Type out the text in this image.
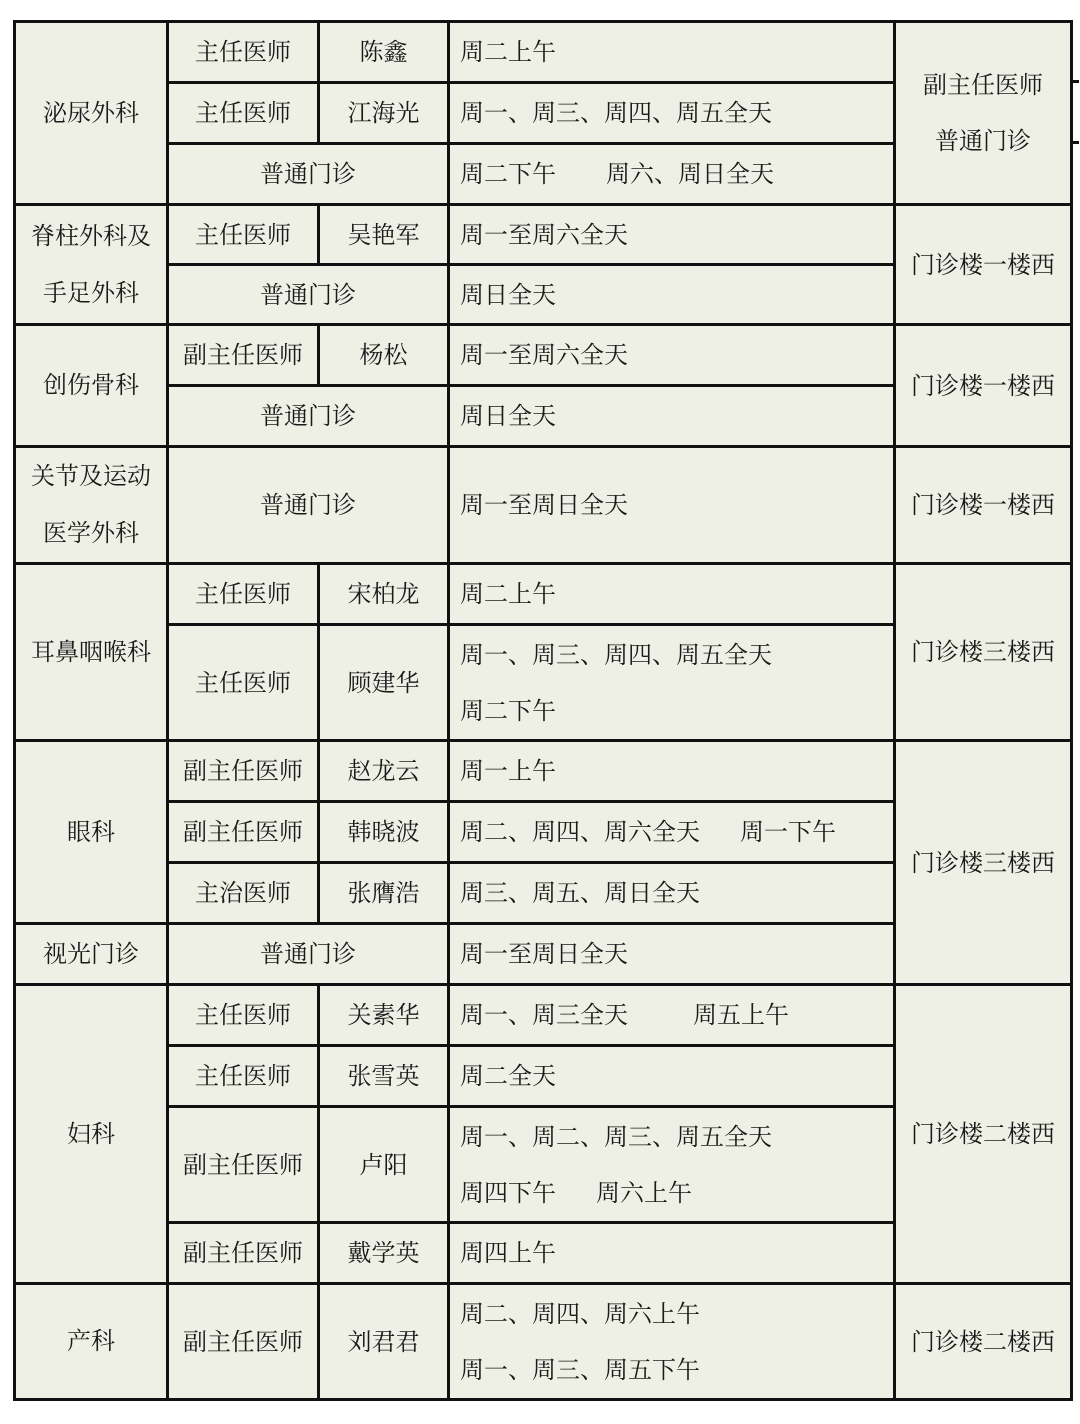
泌尿外科	主任医师	陈鑫	周二上午	副主任医师
普通门诊

	主任医师	江海光	周一、周三、周四、周五全天	
	普通门诊		周二下午 周六、周日全天	

脊柱外科及
手足外科	主任医师	吴艳军	周一至周六全天	门诊楼一楼西
	普通门诊		周日全天	
创伤骨科	副主任医师	杨松	周一至周六全天	门诊楼一楼西
	普通门诊		周日全天	

关节及运动
医学外科	普通门诊		周一至周日全天	门诊楼一楼西
耳鼻咽喉科	主任医师	宋柏龙	周二上午	门诊楼三楼西
	主任医师	顾建华	周一、周三、周四、周五全天
周二下午	

眼科	副主任医师	赵龙云	周一上午	门诊楼三楼西
	副主任医师	韩晓波	周二、周四、周六全天 周一下午	
	主治医师	张膺浩	周三、周五、周日全天	
视光门诊	普通门诊		周一至周日全天	
妇科	主任医师	关素华	周一、周三全天 周五上午	门诊楼二楼西
	主任医师	张雪英	周二全天	
	副主任医师	卢阳	周一、周二、周三、周五全天
周四下午 周六上午	

	副主任医师	戴学英	周四上午	
产科	副主任医师	刘君君	周二、周四、周六上午
周一、周三、周五下午	门诊楼二楼西
